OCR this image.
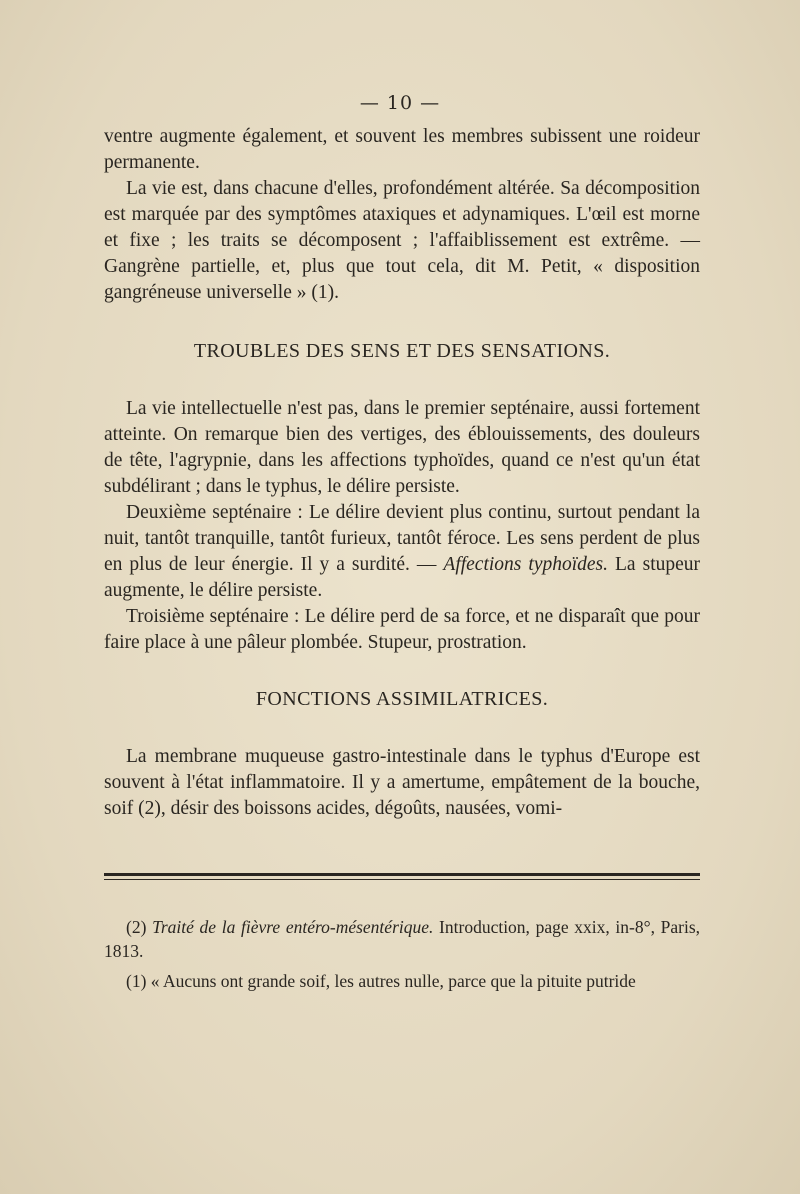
— 10 —

ventre augmente également, et souvent les membres subissent une roideur permanente.

La vie est, dans chacune d'elles, profondément altérée. Sa décomposition est marquée par des symptômes ataxiques et adynamiques. L'œil est morne et fixe ; les traits se décomposent ; l'affaiblissement est extrême. — Gangrène partielle, et, plus que tout cela, dit M. Petit, « disposition gangréneuse universelle » (1).

TROUBLES DES SENS ET DES SENSATIONS.

La vie intellectuelle n'est pas, dans le premier septénaire, aussi fortement atteinte. On remarque bien des vertiges, des éblouissements, des douleurs de tête, l'agrypnie, dans les affections typhoïdes, quand ce n'est qu'un état subdélirant ; dans le typhus, le délire persiste.

Deuxième septénaire : Le délire devient plus continu, surtout pendant la nuit, tantôt tranquille, tantôt furieux, tantôt féroce. Les sens perdent de plus en plus de leur énergie. Il y a surdité. — Affections typhoïdes. La stupeur augmente, le délire persiste.

Troisième septénaire : Le délire perd de sa force, et ne disparaît que pour faire place à une pâleur plombée. Stupeur, prostration.

FONCTIONS ASSIMILATRICES.

La membrane muqueuse gastro-intestinale dans le typhus d'Europe est souvent à l'état inflammatoire. Il y a amertume, empâtement de la bouche, soif (2), désir des boissons acides, dégoûts, nausées, vomi-

(2) Traité de la fièvre entéro-mésentérique. Introduction, page xxix, in-8°, Paris, 1813.

(1) « Aucuns ont grande soif, les autres nulle, parce que la pituite putride
